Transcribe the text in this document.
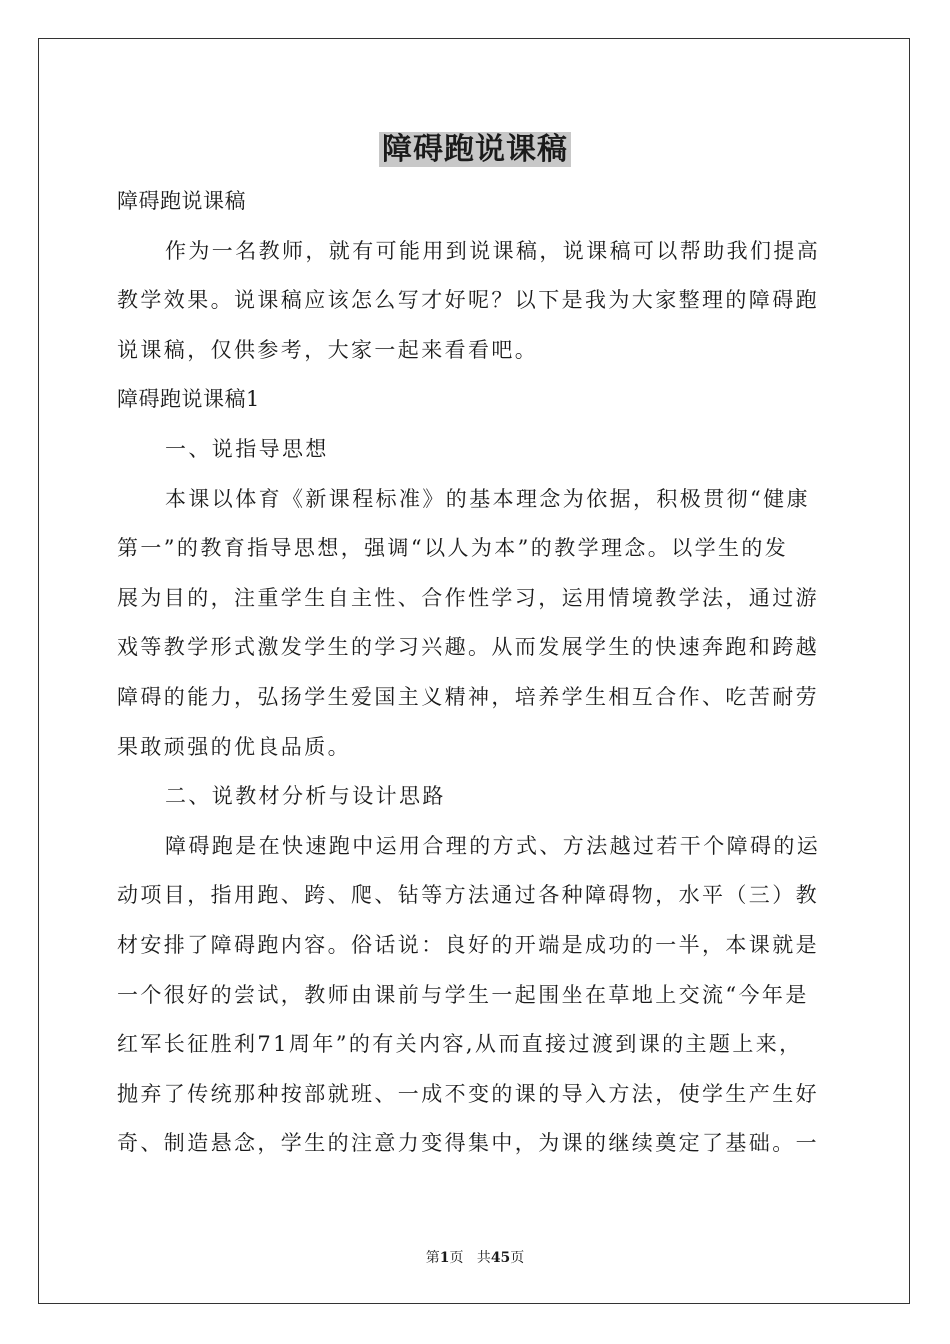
障碍跑说课稿

障碍跑说课稿

作为一名教师，就有可能用到说课稿，说课稿可以帮助我们提高

教学效果。说课稿应该怎么写才好呢？以下是我为大家整理的障碍跑

说课稿，仅供参考，大家一起来看看吧。

障碍跑说课稿1

一、说指导思想

本课以体育《新课程标准》的基本理念为依据，积极贯彻“健康

第一”的教育指导思想，强调“以人为本”的教学理念。以学生的发

展为目的，注重学生自主性、合作性学习，运用情境教学法，通过游

戏等教学形式激发学生的学习兴趣。从而发展学生的快速奔跑和跨越

障碍的能力，弘扬学生爱国主义精神，培养学生相互合作、吃苦耐劳

果敢顽强的优良品质。

二、说教材分析与设计思路

障碍跑是在快速跑中运用合理的方式、方法越过若干个障碍的运

动项目，指用跑、跨、爬、钻等方法通过各种障碍物，水平（三）教

材安排了障碍跑内容。俗话说：良好的开端是成功的一半，本课就是

一个很好的尝试，教师由课前与学生一起围坐在草地上交流“今年是

红军长征胜利71周年”的有关内容,从而直接过渡到课的主题上来，

抛弃了传统那种按部就班、一成不变的课的导入方法，使学生产生好

奇、制造悬念，学生的注意力变得集中，为课的继续奠定了基础。一

第1页 共45页
